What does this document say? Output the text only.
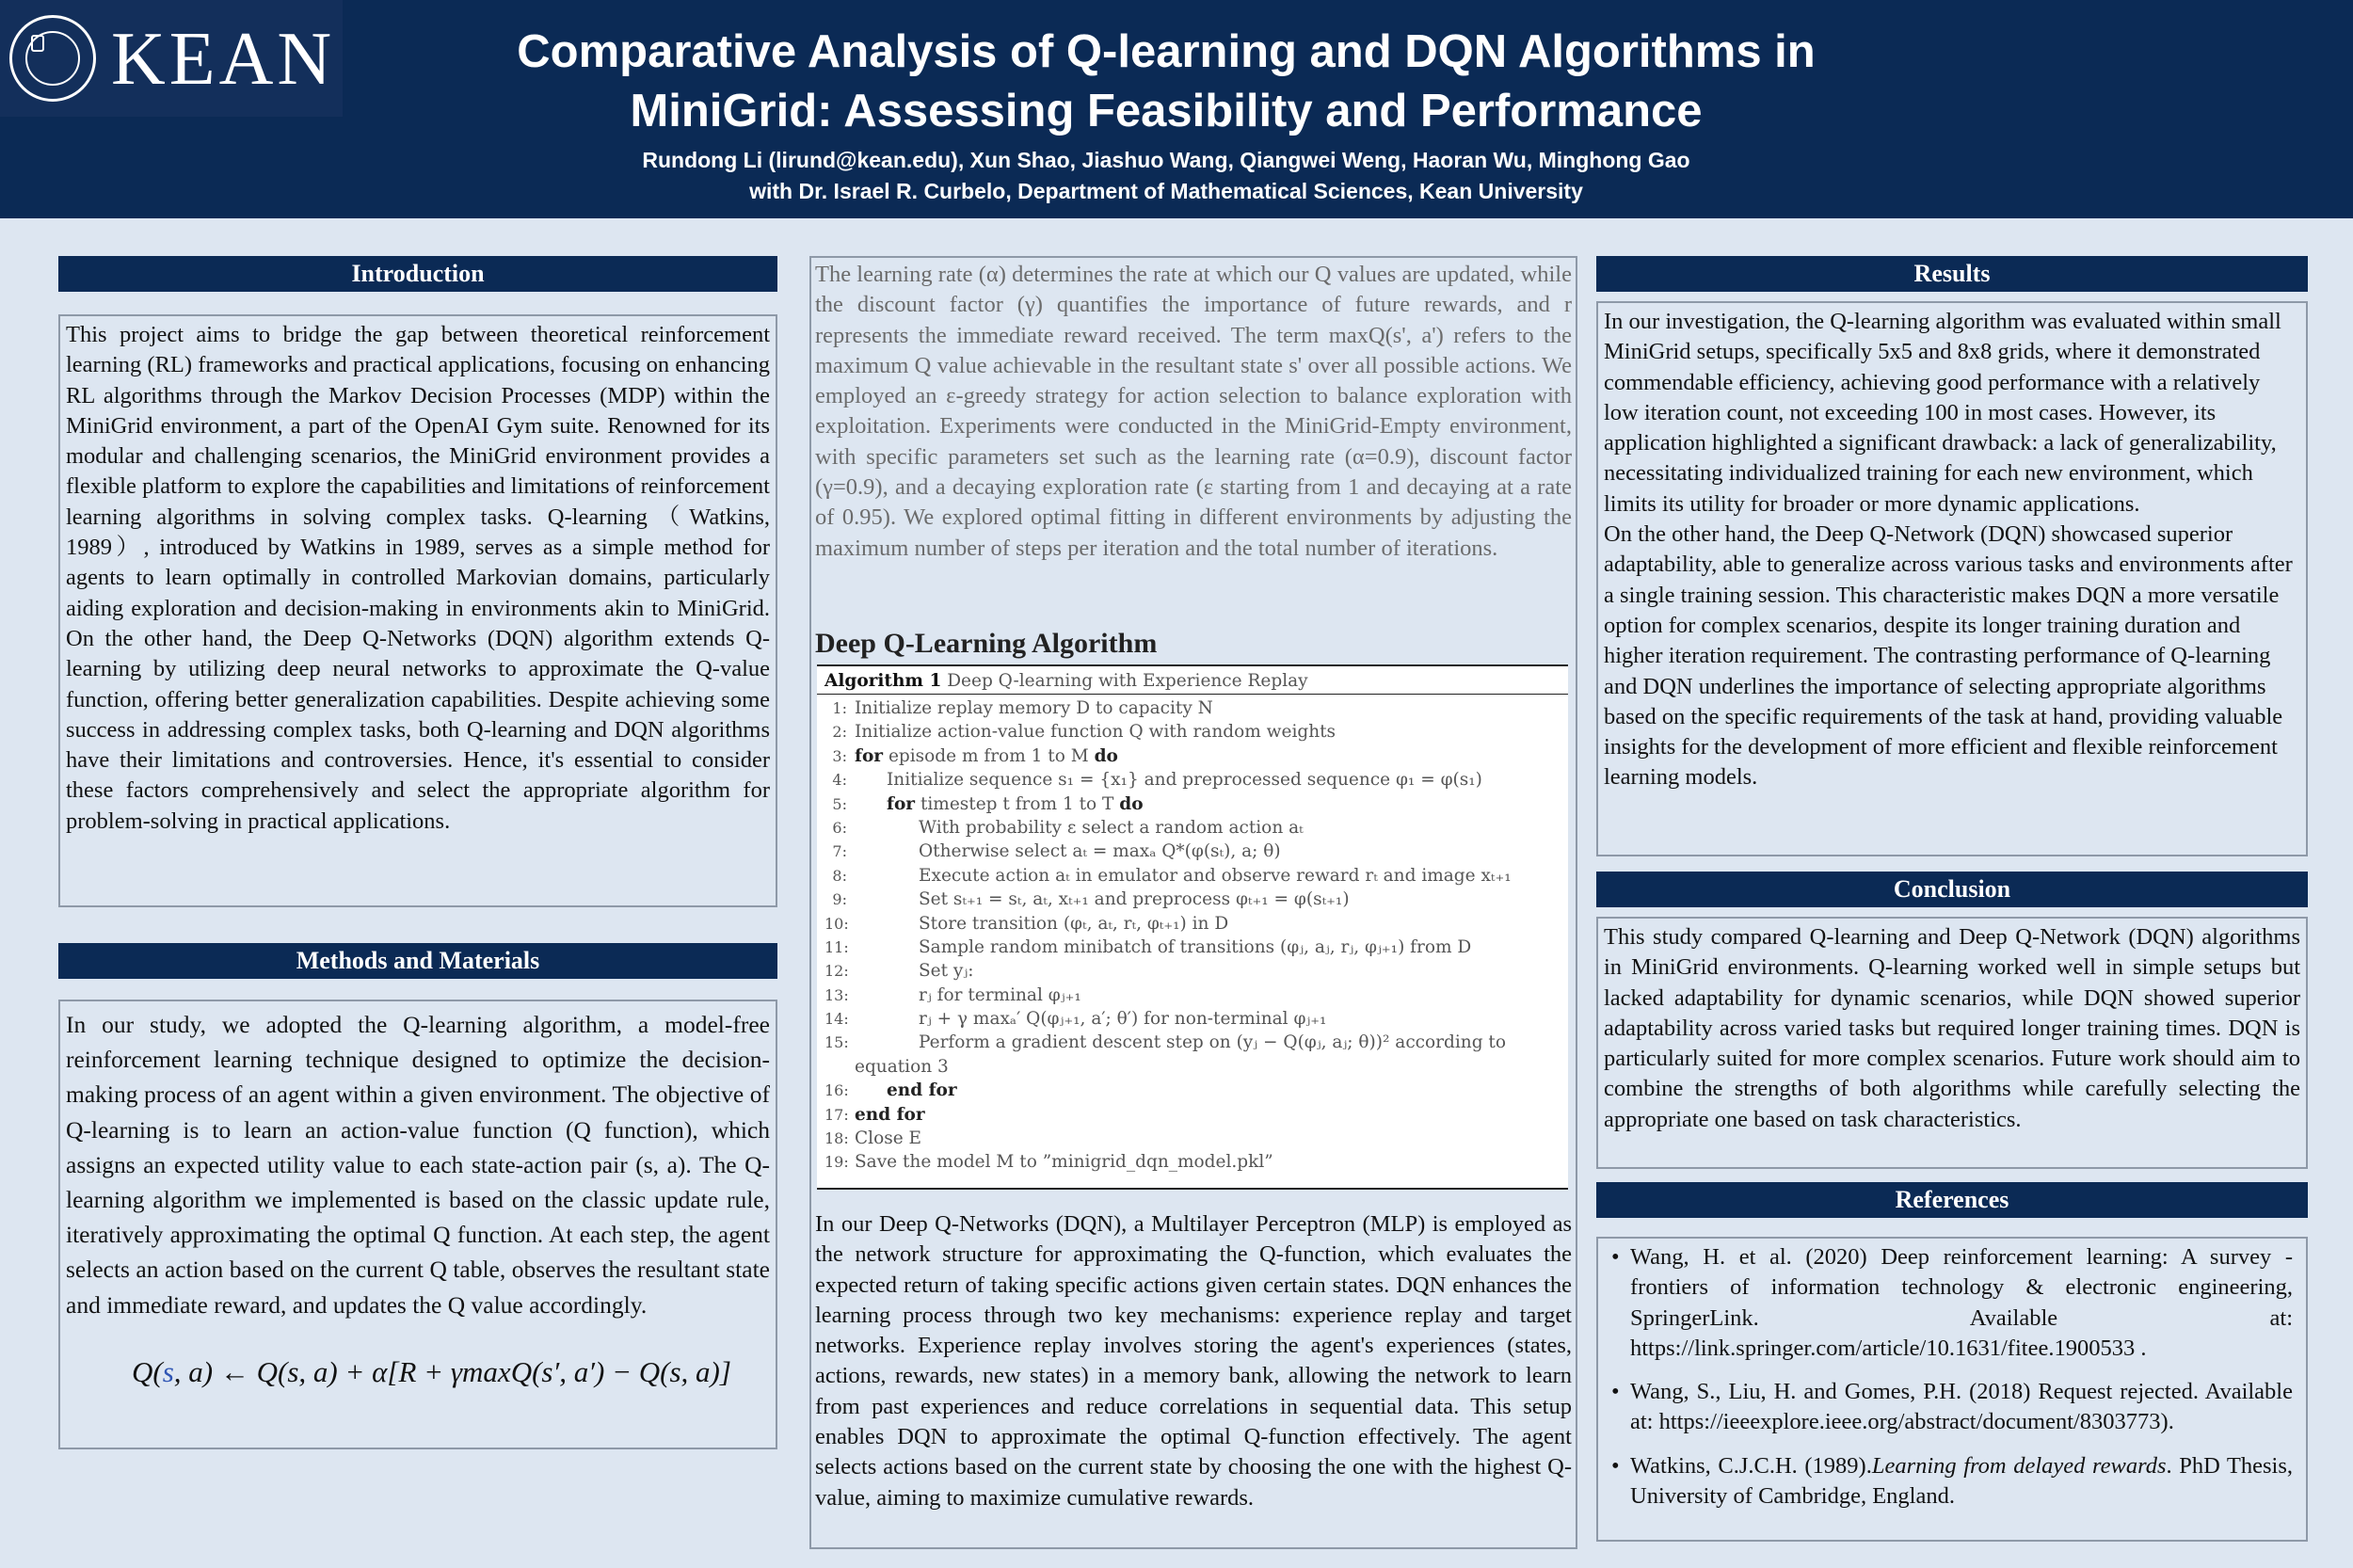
KEAN	Comparative Analysis of Q-learning and DQN Algorithms in
MiniGrid: Assessing Feasibility and Performance
Rundong Li (lirund@kean.edu), Xun Shao, Jiashuo Wang, Qiangwei Weng, Haoran Wu, Minghong Gao
with Dr. Israel R. Curbelo, Department of Mathematical Sciences, Kean University
Introduction

This project aims to bridge the gap between theoretical reinforcement learning (RL) frameworks and practical applications, focusing on enhancing RL algorithms through the Markov Decision Processes (MDP) within the MiniGrid environment, a part of the OpenAI Gym suite. Renowned for its modular and challenging scenarios, the MiniGrid environment provides a flexible platform to explore the capabilities and limitations of reinforcement learning algorithms in solving complex tasks. Q-learning（Watkins, 1989）, introduced by Watkins in 1989, serves as a simple method for agents to learn optimally in controlled Markovian domains, particularly aiding exploration and decision-making in environments akin to MiniGrid. On the other hand, the Deep Q-Networks (DQN) algorithm extends Q-learning by utilizing deep neural networks to approximate the Q-value function, offering better generalization capabilities. Despite achieving some success in addressing complex tasks, both Q-learning and DQN algorithms have their limitations and controversies. Hence, it's essential to consider these factors comprehensively and select the appropriate algorithm for problem-solving in practical applications.

Methods and Materials

In our study, we adopted the Q-learning algorithm, a model-free reinforcement learning technique designed to optimize the decision-making process of an agent within a given environment. The objective of Q-learning is to learn an action-value function (Q function), which assigns an expected utility value to each state-action pair (s, a). The Q-learning algorithm we implemented is based on the classic update rule, iteratively approximating the optimal Q function. At each step, the agent selects an action based on the current Q table, observes the resultant state and immediate reward, and updates the Q value accordingly.

Q(s, a) ← Q(s, a) + α[R + γmaxQ(s′, a′) − Q(s, a)]
The learning rate (α) determines the rate at which our Q values are updated, while the discount factor (γ) quantifies the importance of future rewards, and r represents the immediate reward received. The term maxQ(s', a') refers to the maximum Q value achievable in the resultant state s' over all possible actions. We employed an ε-greedy strategy for action selection to balance exploration with exploitation. Experiments were conducted in the MiniGrid-Empty environment, with specific parameters set such as the learning rate (α=0.9), discount factor (γ=0.9), and a decaying exploration rate (ε starting from 1 and decaying at a rate of 0.95). We explored optimal fitting in different environments by adjusting the maximum number of steps per iteration and the total number of iterations.
Deep Q-Learning Algorithm
Algorithm 1 Deep Q-learning with Experience Replay
1: Initialize replay memory D to capacity N
2: Initialize action-value function Q with random weights
3: for episode m from 1 to M do
4: Initialize sequence s₁ = {x₁} and preprocessed sequence φ₁ = φ(s₁)
5: for timestep t from 1 to T do
6:	With probability ε select a random action aₜ
7:	Otherwise select aₜ = maxₐ Q*(φ(sₜ), a; θ)
8:	Execute action aₜ in emulator and observe reward rₜ and image xₜ₊₁
9:	Set sₜ₊₁ = sₜ, aₜ, xₜ₊₁ and preprocess φₜ₊₁ = φ(sₜ₊₁)
10:	Store transition (φₜ, aₜ, rₜ, φₜ₊₁) in D
11:	Sample random minibatch of transitions (φⱼ, aⱼ, rⱼ, φⱼ₊₁) from D
12:	Set yⱼ:
13:	rⱼ for terminal φⱼ₊₁
14:	rⱼ + γ maxₐ′ Q(φⱼ₊₁, a′; θ′) for non-terminal φⱼ₊₁
15:	Perform a gradient descent step on (yⱼ − Q(φⱼ, aⱼ; θ))² according to
equation 3
16: end for
17: end for
18: Close E
19: Save the model M to ”minigrid_dqn_model.pkl”
In our Deep Q-Networks (DQN), a Multilayer Perceptron (MLP) is employed as the network structure for approximating the Q-function, which evaluates the expected return of taking specific actions given certain states. DQN enhances the learning process through two key mechanisms: experience replay and target networks. Experience replay involves storing the agent's experiences (states, actions, rewards, new states) in a memory bank, allowing the network to learn from past experiences and reduce correlations in sequential data. This setup enables DQN to approximate the optimal Q-function effectively. The agent selects actions based on the current state by choosing the one with the highest Q-value, aiming to maximize cumulative rewards.
Results

In our investigation, the Q-learning algorithm was evaluated within small MiniGrid setups, specifically 5x5 and 8x8 grids, where it demonstrated commendable efficiency, achieving good performance with a relatively low iteration count, not exceeding 100 in most cases. However, its application highlighted a significant drawback: a lack of generalizability, necessitating individualized training for each new environment, which limits its utility for broader or more dynamic applications.

On the other hand, the Deep Q-Network (DQN) showcased superior adaptability, able to generalize across various tasks and environments after a single training session. This characteristic makes DQN a more versatile option for complex scenarios, despite its longer training duration and higher iteration requirement. The contrasting performance of Q-learning and DQN underlines the importance of selecting appropriate algorithms based on the specific requirements of the task at hand, providing valuable insights for the development of more efficient and flexible reinforcement learning models.

Conclusion

This study compared Q-learning and Deep Q-Network (DQN) algorithms in MiniGrid environments. Q-learning worked well in simple setups but lacked adaptability for dynamic scenarios, while DQN showed superior adaptability across varied tasks but required longer training times. DQN is particularly suited for more complex scenarios. Future work should aim to combine the strengths of both algorithms while carefully selecting the appropriate one based on task characteristics.

References
• Wang, H. et al. (2020) Deep reinforcement learning: A survey - frontiers of information technology & electronic engineering, SpringerLink. Available at: https://link.springer.com/article/10.1631/fitee.1900533 .
• Wang, S., Liu, H. and Gomes, P.H. (2018) Request rejected. Available at: https://ieeexplore.ieee.org/abstract/document/8303773).
• Watkins, C.J.C.H. (1989).Learning from delayed rewards. PhD Thesis, University of Cambridge, England.
